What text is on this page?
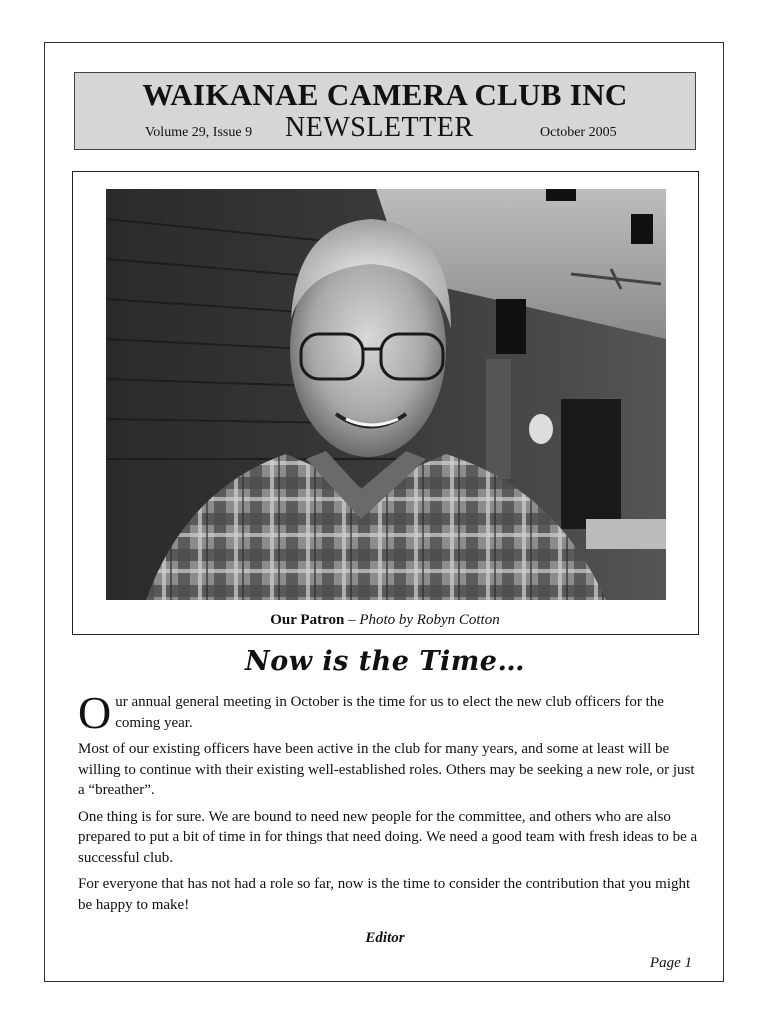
WAIKANAE CAMERA CLUB INC
Volume 29, Issue 9 NEWSLETTER	October 2005
Our Patron – Photo by Robyn Cotton
Now is the Time…

Our annual general meeting in October is the time for us to elect the new club officers for the coming year.

Most of our existing officers have been active in the club for many years, and some at least will be willing to continue with their existing well-established roles. Others may be seeking a new role, or just a “breather”.

One thing is for sure. We are bound to need new people for the committee, and others who are also prepared to put a bit of time in for things that need doing. We need a good team with fresh ideas to be a successful club.

For everyone that has not had a role so far, now is the time to consider the contribution that you might be happy to make!

Editor
Page 1
